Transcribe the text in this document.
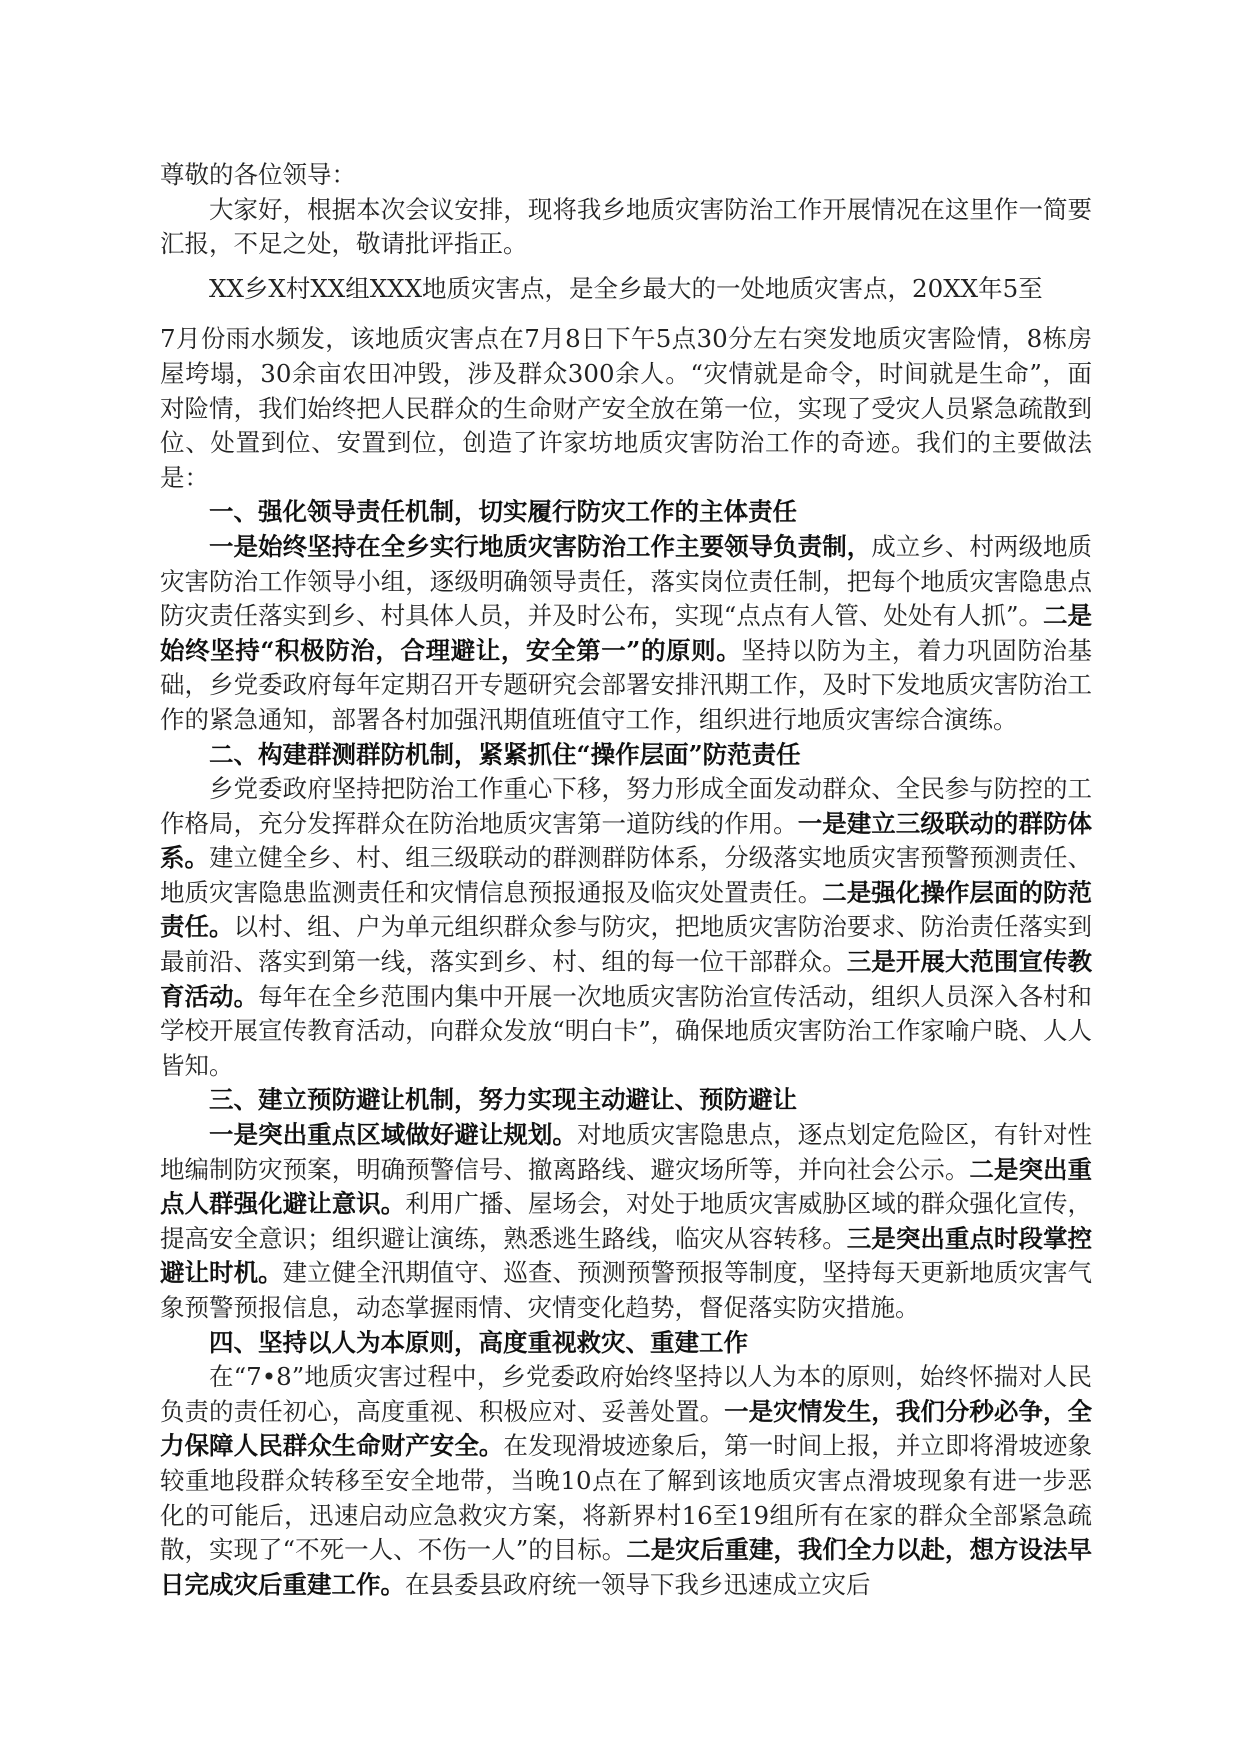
尊敬的各位领导：

大家好，根据本次会议安排，现将我乡地质灾害防治工作开展情况在这里作一简要汇报，不足之处，敬请批评指正。

XX乡X村XX组XXX地质灾害点，是全乡最大的一处地质灾害点，20XX年5至

7月份雨水频发，该地质灾害点在7月8日下午5点30分左右突发地质灾害险情，8栋房屋垮塌，30余亩农田冲毁，涉及群众300余人。“灾情就是命令，时间就是生命”，面对险情，我们始终把人民群众的生命财产安全放在第一位，实现了受灾人员紧急疏散到位、处置到位、安置到位，创造了许家坊地质灾害防治工作的奇迹。我们的主要做法是：

一、强化领导责任机制，切实履行防灾工作的主体责任

一是始终坚持在全乡实行地质灾害防治工作主要领导负责制，成立乡、村两级地质灾害防治工作领导小组，逐级明确领导责任，落实岗位责任制，把每个地质灾害隐患点防灾责任落实到乡、村具体人员，并及时公布，实现“点点有人管、处处有人抓”。二是始终坚持“积极防治，合理避让，安全第一”的原则。坚持以防为主，着力巩固防治基础，乡党委政府每年定期召开专题研究会部署安排汛期工作，及时下发地质灾害防治工作的紧急通知，部署各村加强汛期值班值守工作，组织进行地质灾害综合演练。

二、构建群测群防机制，紧紧抓住“操作层面”防范责任

乡党委政府坚持把防治工作重心下移，努力形成全面发动群众、全民参与防控的工作格局，充分发挥群众在防治地质灾害第一道防线的作用。一是建立三级联动的群防体系。建立健全乡、村、组三级联动的群测群防体系，分级落实地质灾害预警预测责任、地质灾害隐患监测责任和灾情信息预报通报及临灾处置责任。二是强化操作层面的防范责任。以村、组、户为单元组织群众参与防灾，把地质灾害防治要求、防治责任落实到最前沿、落实到第一线，落实到乡、村、组的每一位干部群众。三是开展大范围宣传教育活动。每年在全乡范围内集中开展一次地质灾害防治宣传活动，组织人员深入各村和学校开展宣传教育活动，向群众发放“明白卡”，确保地质灾害防治工作家喻户晓、人人皆知。

三、建立预防避让机制，努力实现主动避让、预防避让

一是突出重点区域做好避让规划。对地质灾害隐患点，逐点划定危险区，有针对性地编制防灾预案，明确预警信号、撤离路线、避灾场所等，并向社会公示。二是突出重点人群强化避让意识。利用广播、屋场会，对处于地质灾害威胁区域的群众强化宣传，提高安全意识；组织避让演练，熟悉逃生路线，临灾从容转移。三是突出重点时段掌控避让时机。建立健全汛期值守、巡查、预测预警预报等制度，坚持每天更新地质灾害气象预警预报信息，动态掌握雨情、灾情变化趋势，督促落实防灾措施。

四、坚持以人为本原则，高度重视救灾、重建工作

在“7•8”地质灾害过程中，乡党委政府始终坚持以人为本的原则，始终怀揣对人民负责的责任初心，高度重视、积极应对、妥善处置。一是灾情发生，我们分秒必争，全力保障人民群众生命财产安全。在发现滑坡迹象后，第一时间上报，并立即将滑坡迹象较重地段群众转移至安全地带，当晚10点在了解到该地质灾害点滑坡现象有进一步恶化的可能后，迅速启动应急救灾方案，将新界村16至19组所有在家的群众全部紧急疏散，实现了“不死一人、不伤一人”的目标。二是灾后重建，我们全力以赴，想方设法早日完成灾后重建工作。在县委县政府统一领导下我乡迅速成立灾后
